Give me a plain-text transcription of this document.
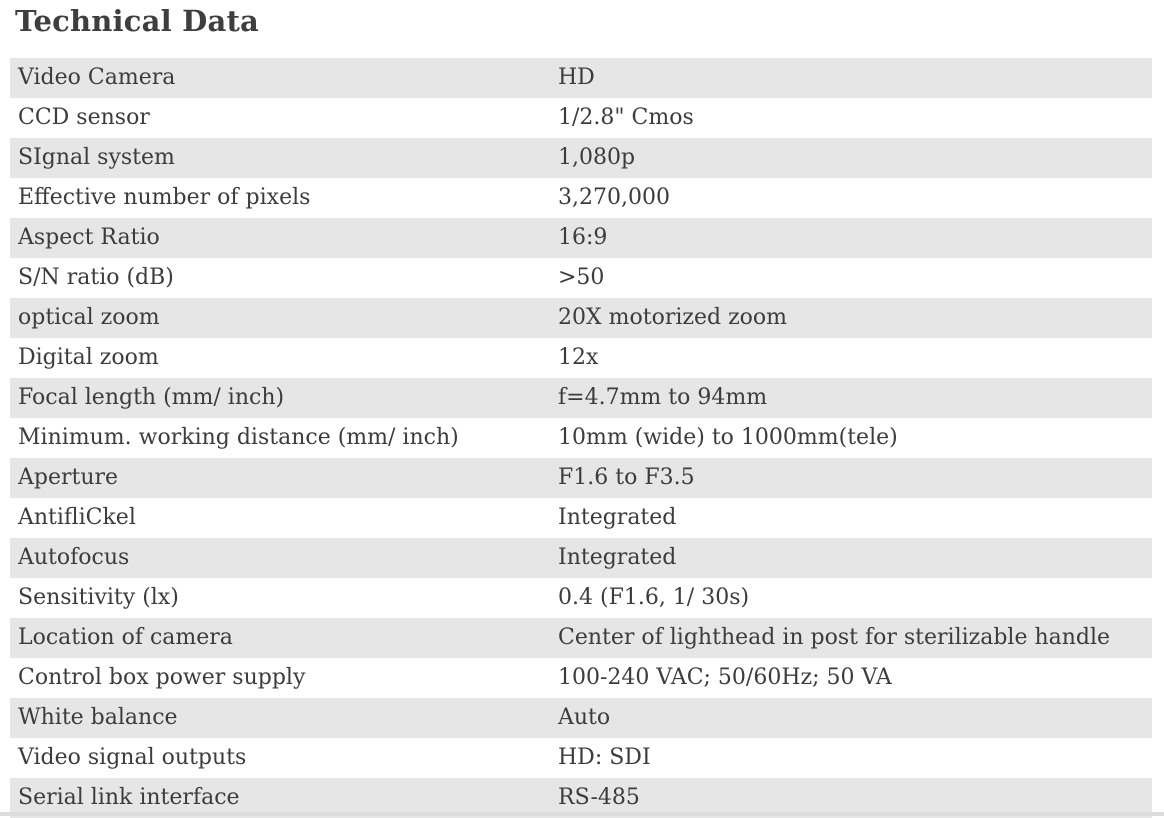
Technical Data
Video Camera	HD
CCD sensor	1/2.8" Cmos
SIgnal system	1,080p
Effective number of pixels	3,270,000
Aspect Ratio	16:9
S/N ratio (dB)	>50
optical zoom	20X motorized zoom
Digital zoom	12x
Focal length (mm/ inch)	f=4.7mm to 94mm
Minimum. working distance (mm/ inch)	10mm (wide) to 1000mm(tele)
Aperture	F1.6 to F3.5
AntifliCkel	Integrated
Autofocus	Integrated
Sensitivity (lx)	0.4 (F1.6, 1/ 30s)
Location of camera	Center of lighthead in post for sterilizable handle
Control box power supply	100-240 VAC; 50/60Hz; 50 VA
White balance	Auto
Video signal outputs	HD: SDI
Serial link interface	RS-485
